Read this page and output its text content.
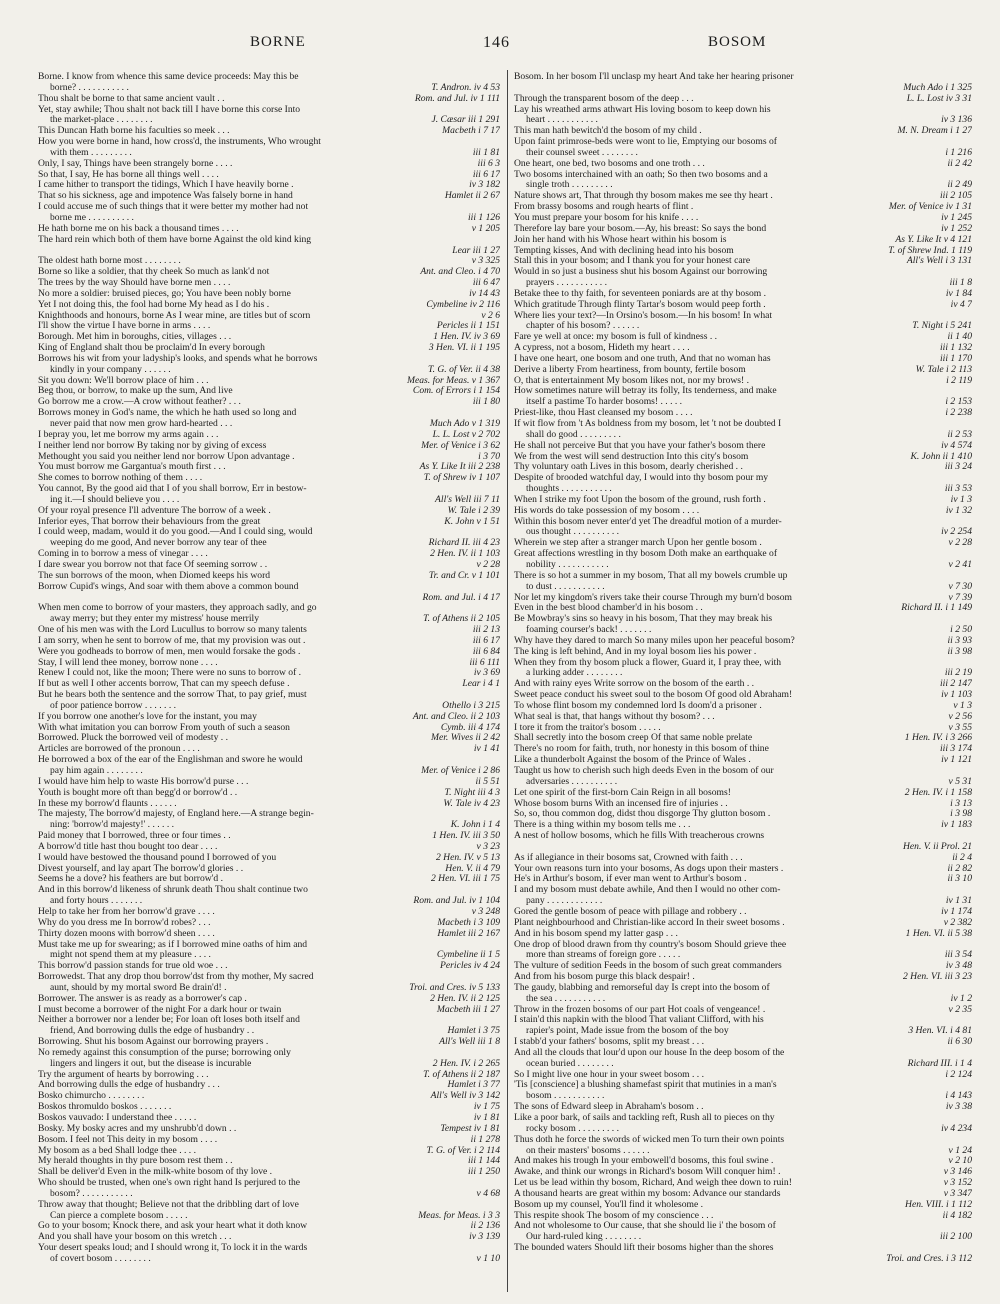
BORNE	146	BOSOM
Borne. I know from whence this same device proceeds: May this be
borne? . . . . . . . . . . .	T. Andron. iv 4 53
Thou shalt be borne to that same ancient vault . .	Rom. and Jul. iv 1 111
Yet, stay awhile; Thou shalt not back till I have borne this corse Into
the market-place . . . . . . . .	J. Cæsar iii 1 291
This Duncan Hath borne his faculties so meek . . .	Macbeth i 7 17
How you were borne in hand, how cross'd, the instruments, Who wrought
with them . . . . . . . . .	iii 1 81
Only, I say, Things have been strangely borne . . . .	iii 6 3
So that, I say, He has borne all things well . . . .	iii 6 17
I came hither to transport the tidings, Which I have heavily borne .	iv 3 182
That so his sickness, age and impotence Was falsely borne in hand	Hamlet ii 2 67
I could accuse me of such things that it were better my mother had not
borne me . . . . . . . . . .	iii 1 126
He hath borne me on his back a thousand times . . . .	v 1 205
The hard rein which both of them have borne Against the old kind king
Lear iii 1 27
The oldest hath borne most . . . . . . . .	v 3 325
Borne so like a soldier, that thy cheek So much as lank'd not	Ant. and Cleo. i 4 70
The trees by the way Should have borne men . . . .	iii 6 47
No more a soldier: bruised pieces, go; You have been nobly borne	iv 14 43
Yet I not doing this, the fool had borne My head as I do his .	Cymbeline iv 2 116
Knighthoods and honours, borne As I wear mine, are titles but of scorn	v 2 6
I'll show the virtue I have borne in arms . . . .	Pericles ii 1 151
Borough. Met him in boroughs, cities, villages . . .	1 Hen. IV. iv 3 69
King of England shalt thou be proclaim'd In every borough	3 Hen. VI. ii 1 195
Borrows his wit from your ladyship's looks, and spends what he borrows
kindly in your company . . . . . .	T. G. of Ver. ii 4 38
Sit you down: We'll borrow place of him . . .	Meas. for Meas. v 1 367
Beg thou, or borrow, to make up the sum, And live	Com. of Errors i 1 154
Go borrow me a crow.—A crow without feather? . . .	iii 1 80
Borrows money in God's name, the which he hath used so long and
never paid that now men grow hard-hearted . . .	Much Ado v 1 319
I bepray you, let me borrow my arms again . . .	L. L. Lost v 2 702
I neither lend nor borrow By taking nor by giving of excess	Mer. of Venice i 3 62
Methought you said you neither lend nor borrow Upon advantage .	i 3 70
You must borrow me Gargantua's mouth first . . .	As Y. Like It iii 2 238
She comes to borrow nothing of them . . . .	T. of Shrew iv 1 107
You cannot, By the good aid that I of you shall borrow, Err in bestow-
ing it.—I should believe you . . . .	All's Well iii 7 11
Of your royal presence I'll adventure The borrow of a week .	W. Tale i 2 39
Inferior eyes, That borrow their behaviours from the great	K. John v 1 51
I could weep, madam, would it do you good.—And I could sing, would
weeping do me good, And never borrow any tear of thee	Richard II. iii 4 23
Coming in to borrow a mess of vinegar . . . .	2 Hen. IV. ii 1 103
I dare swear you borrow not that face Of seeming sorrow . .	v 2 28
The sun borrows of the moon, when Diomed keeps his word	Tr. and Cr. v 1 101
Borrow Cupid's wings, And soar with them above a common bound
Rom. and Jul. i 4 17
When men come to borrow of your masters, they approach sadly, and go
away merry; but they enter my mistress' house merrily	T. of Athens ii 2 105
One of his men was with the Lord Lucullus to borrow so many talents	iii 2 13
I am sorry, when he sent to borrow of me, that my provision was out .	iii 6 17
Were you godheads to borrow of men, men would forsake the gods .	iii 6 84
Stay, I will lend thee money, borrow none . . . .	iii 6 111
Renew I could not, like the moon; There were no suns to borrow of .	iv 3 69
If but as well I other accents borrow, That can my speech defuse .	Lear i 4 1
But he bears both the sentence and the sorrow That, to pay grief, must
of poor patience borrow . . . . . . .	Othello i 3 215
If you borrow one another's love for the instant, you may	Ant. and Cleo. ii 2 103
With what imitation you can borrow From youth of such a season	Cymb. iii 4 174
Borrowed. Pluck the borrowed veil of modesty . .	Mer. Wives ii 2 42
Articles are borrowed of the pronoun . . . .	iv 1 41
He borrowed a box of the ear of the Englishman and swore he would
pay him again . . . . . . . .	Mer. of Venice i 2 86
I would have him help to waste His borrow'd purse . . .	ii 5 51
Youth is bought more oft than begg'd or borrow'd . .	T. Night iii 4 3
In these my borrow'd flaunts . . . . . .	W. Tale iv 4 23
The majesty, The borrow'd majesty, of England here.—A strange begin-
ning: 'borrow'd majesty!' . . . . . .	K. John i 1 4
Paid money that I borrowed, three or four times . .	1 Hen. IV. iii 3 50
A borrow'd title hast thou bought too dear . . . .	v 3 23
I would have bestowed the thousand pound I borrowed of you	2 Hen. IV. v 5 13
Divest yourself, and lay apart The borrow'd glories . .	Hen. V. ii 4 79
Seems he a dove? his feathers are but borrow'd .	2 Hen. VI. iii 1 75
And in this borrow'd likeness of shrunk death Thou shalt continue two
and forty hours . . . . . . .	Rom. and Jul. iv 1 104
Help to take her from her borrow'd grave . . . .	v 3 248
Why do you dress me In borrow'd robes? . . .	Macbeth i 3 109
Thirty dozen moons with borrow'd sheen . . . .	Hamlet iii 2 167
Must take me up for swearing; as if I borrowed mine oaths of him and
might not spend them at my pleasure . . . .	Cymbeline ii 1 5
This borrow'd passion stands for true old woe . . .	Pericles iv 4 24
Borrowedst. That any drop thou borrow'dst from thy mother, My sacred
aunt, should by my mortal sword Be drain'd! .	Troi. and Cres. iv 5 133
Borrower. The answer is as ready as a borrower's cap .	2 Hen. IV. ii 2 125
I must become a borrower of the night For a dark hour or twain	Macbeth iii 1 27
Neither a borrower nor a lender be; For loan oft loses both itself and
friend, And borrowing dulls the edge of husbandry . .	Hamlet i 3 75
Borrowing. Shut his bosom Against our borrowing prayers .	All's Well iii 1 8
No remedy against this consumption of the purse; borrowing only
lingers and lingers it out, but the disease is incurable	2 Hen. IV. i 2 265
Try the argument of hearts by borrowing . . .	T. of Athens ii 2 187
And borrowing dulls the edge of husbandry . . .	Hamlet i 3 77
Bosko chimurcho . . . . . . . .	All's Well iv 3 142
Boskos thromuldo boskos . . . . . . .	iv 1 75
Boskos vauvado: I understand thee . . . . .	iv 1 81
Bosky. My bosky acres and my unshrubb'd down . .	Tempest iv 1 81
Bosom. I feel not This deity in my bosom . . . .	ii 1 278
My bosom as a bed Shall lodge thee . . . .	T. G. of Ver. i 2 114
My herald thoughts in thy pure bosom rest them . .	iii 1 144
Shall be deliver'd Even in the milk-white bosom of thy love .	iii 1 250
Who should be trusted, when one's own right hand Is perjured to the
bosom? . . . . . . . . . . .	v 4 68
Throw away that thought; Believe not that the dribbling dart of love
Can pierce a complete bosom . . . . .	Meas. for Meas. i 3 3
Go to your bosom; Knock there, and ask your heart what it doth know	ii 2 136
And you shall have your bosom on this wretch . . .	iv 3 139
Your desert speaks loud; and I should wrong it, To lock it in the wards
of covert bosom . . . . . . . .	v 1 10
Bosom. In her bosom I'll unclasp my heart And take her hearing prisoner
Much Ado i 1 325
Through the transparent bosom of the deep . . .	L. L. Lost iv 3 31
Lay his wreathed arms athwart His loving bosom to keep down his
heart . . . . . . . . . . .	iv 3 136
This man hath bewitch'd the bosom of my child .	M. N. Dream i 1 27
Upon faint primrose-beds were wont to lie, Emptying our bosoms of
their counsel sweet . . . . . . . .	i 1 216
One heart, one bed, two bosoms and one troth . . .	ii 2 42
Two bosoms interchained with an oath; So then two bosoms and a
single troth . . . . . . . . .	ii 2 49
Nature shows art, That through thy bosom makes me see thy heart .	iii 2 105
From brassy bosoms and rough hearts of flint .	Mer. of Venice iv 1 31
You must prepare your bosom for his knife . . . .	iv 1 245
Therefore lay bare your bosom.—Ay, his breast: So says the bond	iv 1 252
Join her hand with his Whose heart within his bosom is	As Y. Like It v 4 121
Tempting kisses, And with declining head into his bosom	T. of Shrew Ind. 1 119
Stall this in your bosom; and I thank you for your honest care	All's Well i 3 131
Would in so just a business shut his bosom Against our borrowing
prayers . . . . . . . . . . .	iii 1 8
Betake thee to thy faith, for seventeen poniards are at thy bosom .	iv 1 84
Which gratitude Through flinty Tartar's bosom would peep forth .	iv 4 7
Where lies your text?—In Orsino's bosom.—In his bosom! In what
chapter of his bosom? . . . . . .	T. Night i 5 241
Fare ye well at once: my bosom is full of kindness . .	ii 1 40
A cypress, not a bosom, Hideth my heart . . . .	iii 1 132
I have one heart, one bosom and one truth, And that no woman has	iii 1 170
Derive a liberty From heartiness, from bounty, fertile bosom	W. Tale i 2 113
O, that is entertainment My bosom likes not, nor my brows! .	i 2 119
How sometimes nature will betray its folly, Its tenderness, and make
itself a pastime To harder bosoms! . . . . .	i 2 153
Priest-like, thou Hast cleansed my bosom . . . .	i 2 238
If wit flow from 't As boldness from my bosom, let 't not be doubted I
shall do good . . . . . . . . .	ii 2 53
He shall not perceive But that you have your father's bosom there	iv 4 574
We from the west will send destruction Into this city's bosom	K. John ii 1 410
Thy voluntary oath Lives in this bosom, dearly cherished . .	iii 3 24
Despite of brooded watchful day, I would into thy bosom pour my
thoughts . . . . . . . . . . .	iii 3 53
When I strike my foot Upon the bosom of the ground, rush forth .	iv 1 3
His words do take possession of my bosom . . . .	iv 1 32
Within this bosom never enter'd yet The dreadful motion of a murder-
ous thought . . . . . . . . . .	iv 2 254
Wherein we step after a stranger march Upon her gentle bosom .	v 2 28
Great affections wrestling in thy bosom Doth make an earthquake of
nobility . . . . . . . . . . .	v 2 41
There is so hot a summer in my bosom, That all my bowels crumble up
to dust . . . . . . . . . . .	v 7 30
Nor let my kingdom's rivers take their course Through my burn'd bosom	v 7 39
Even in the best blood chamber'd in his bosom . .	Richard II. i 1 149
Be Mowbray's sins so heavy in his bosom, That they may break his
foaming courser's back! . . . . . . .	i 2 50
Why have they dared to march So many miles upon her peaceful bosom?	ii 3 93
The king is left behind, And in my loyal bosom lies his power .	ii 3 98
When they from thy bosom pluck a flower, Guard it, I pray thee, with
a lurking adder . . . . . . . .	iii 2 19
And with rainy eyes Write sorrow on the bosom of the earth . .	iii 2 147
Sweet peace conduct his sweet soul to the bosom Of good old Abraham!	iv 1 103
To whose flint bosom my condemned lord Is doom'd a prisoner .	v 1 3
What seal is that, that hangs without thy bosom? . . .	v 2 56
I tore it from the traitor's bosom . . . . .	v 3 55
Shall secretly into the bosom creep Of that same noble prelate	1 Hen. IV. i 3 266
There's no room for faith, truth, nor honesty in this bosom of thine	iii 3 174
Like a thunderbolt Against the bosom of the Prince of Wales .	iv 1 121
Taught us how to cherish such high deeds Even in the bosom of our
adversaries . . . . . . . . . .	v 5 31
Let one spirit of the first-born Cain Reign in all bosoms!	2 Hen. IV. i 1 158
Whose bosom burns With an incensed fire of injuries . .	i 3 13
So, so, thou common dog, didst thou disgorge Thy glutton bosom .	i 3 98
There is a thing within my bosom tells me . . .	iv 1 183
A nest of hollow bosoms, which he fills With treacherous crowns
Hen. V. ii Prol. 21
As if allegiance in their bosoms sat, Crowned with faith . . .	ii 2 4
Your own reasons turn into your bosoms, As dogs upon their masters .	ii 2 82
He's in Arthur's bosom, if ever man went to Arthur's bosom .	ii 3 10
I and my bosom must debate awhile, And then I would no other com-
pany . . . . . . . . . . . .	iv 1 31
Gored the gentle bosom of peace with pillage and robbery . .	iv 1 174
Plant neighbourhood and Christian-like accord In their sweet bosoms .	v 2 382
And in his bosom spend my latter gasp . . .	1 Hen. VI. ii 5 38
One drop of blood drawn from thy country's bosom Should grieve thee
more than streams of foreign gore . . . . .	iii 3 54
The vulture of sedition Feeds in the bosom of such great commanders	iv 3 48
And from his bosom purge this black despair! .	2 Hen. VI. iii 3 23
The gaudy, blabbing and remorseful day Is crept into the bosom of
the sea . . . . . . . . . . .	iv 1 2
Throw in the frozen bosoms of our part Hot coals of vengeance! .	v 2 35
I stain'd this napkin with the blood That valiant Clifford, with his
rapier's point, Made issue from the bosom of the boy	3 Hen. VI. i 4 81
I stabb'd your fathers' bosoms, split my breast . . .	ii 6 30
And all the clouds that lour'd upon our house In the deep bosom of the
ocean buried . . . . . . . .	Richard III. i 1 4
So I might live one hour in your sweet bosom . . .	i 2 124
'Tis [conscience] a blushing shamefast spirit that mutinies in a man's
bosom . . . . . . . . . . .	i 4 143
The sons of Edward sleep in Abraham's bosom . .	iv 3 38
Like a poor bark, of sails and tackling reft, Rush all to pieces on thy
rocky bosom . . . . . . . . .	iv 4 234
Thus doth he force the swords of wicked men To turn their own points
on their masters' bosoms . . . . . .	v 1 24
And makes his trough In your embowell'd bosoms, this foul swine .	v 2 10
Awake, and think our wrongs in Richard's bosom Will conquer him! .	v 3 146
Let us be lead within thy bosom, Richard, And weigh thee down to ruin!	v 3 152
A thousand hearts are great within my bosom: Advance our standards	v 3 347
Bosom up my counsel, You'll find it wholesome .	Hen. VIII. i 1 112
This respite shook The bosom of my conscience . . .	ii 4 182
And not wholesome to Our cause, that she should lie i' the bosom of
Our hard-ruled king . . . . . . . .	iii 2 100
The bounded waters Should lift their bosoms higher than the shores
Troi. and Cres. i 3 112
